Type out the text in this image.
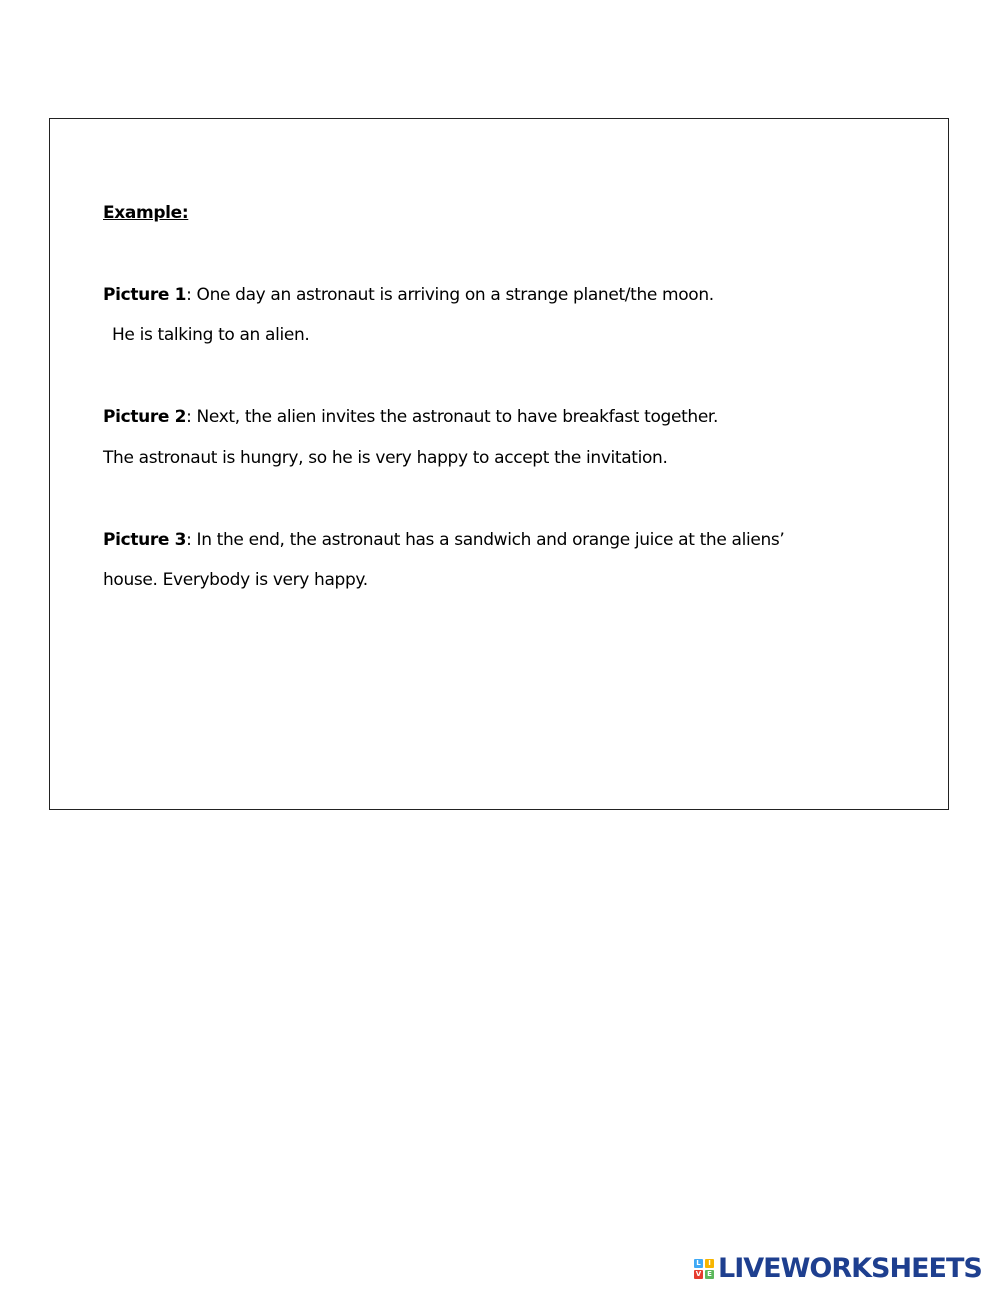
Example:
Picture 1: One day an astronaut is arriving on a strange planet/the moon.
He is talking to an alien.
Picture 2: Next, the alien invites the astronaut to have breakfast together.
The astronaut is hungry, so he is very happy to accept the invitation.
Picture 3: In the end, the astronaut has a sandwich and orange juice at the aliens’
house. Everybody is very happy.
L	I
V E LIVEWORKSHEETS
